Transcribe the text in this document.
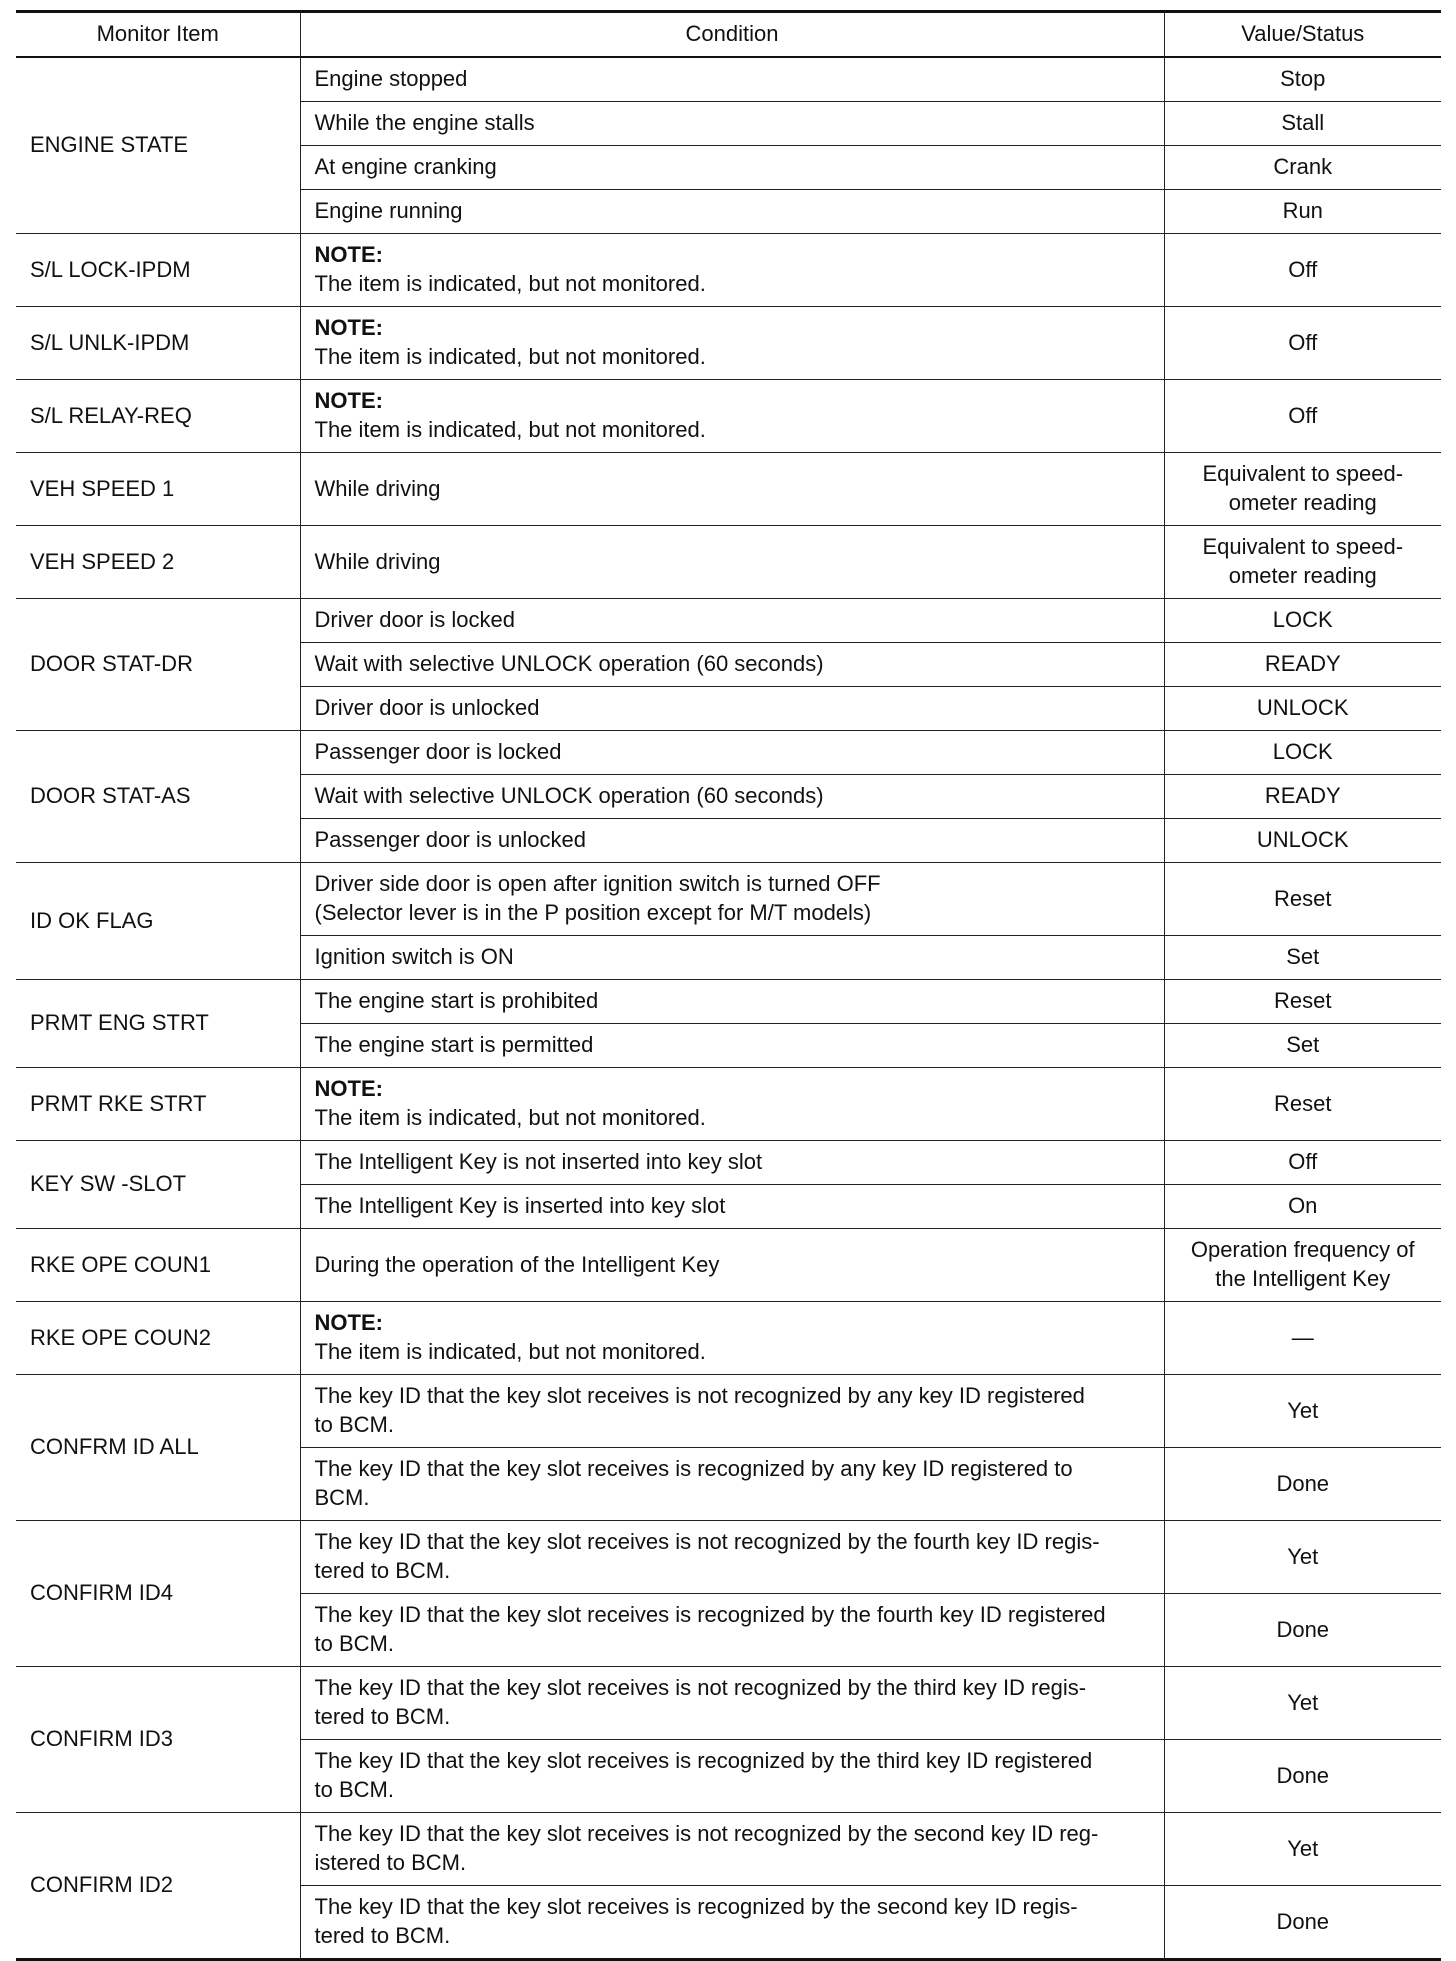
Monitor Item	Condition	Value/Status
ENGINE STATE	Engine stopped	Stop
	While the engine stalls	Stall
	At engine cranking	Crank
	Engine running	Run
S/L LOCK-IPDM	NOTE:
The item is indicated, but not monitored.	Off
S/L UNLK-IPDM	NOTE:
The item is indicated, but not monitored.	Off
S/L RELAY-REQ	NOTE:
The item is indicated, but not monitored.	Off
VEH SPEED 1	While driving	Equivalent to speed-
ometer reading

VEH SPEED 2	While driving	Equivalent to speed-
ometer reading

DOOR STAT-DR	Driver door is locked	LOCK
	Wait with selective UNLOCK operation (60 seconds)	READY
	Driver door is unlocked	UNLOCK
DOOR STAT-AS	Passenger door is locked	LOCK
	Wait with selective UNLOCK operation (60 seconds)	READY
	Passenger door is unlocked	UNLOCK
ID OK FLAG	Driver side door is open after ignition switch is turned OFF
(Selector lever is in the P position except for M/T models)	Reset
	Ignition switch is ON	Set
PRMT ENG STRT	The engine start is prohibited	Reset
	The engine start is permitted	Set
PRMT RKE STRT	NOTE:
The item is indicated, but not monitored.	Reset
KEY SW -SLOT	The Intelligent Key is not inserted into key slot	Off
	The Intelligent Key is inserted into key slot	On
RKE OPE COUN1	During the operation of the Intelligent Key	Operation frequency of
the Intelligent Key

RKE OPE COUN2	NOTE:
The item is indicated, but not monitored.	—
CONFRM ID ALL	The key ID that the key slot receives is not recognized by any key ID registered
to BCM.	Yet

	The key ID that the key slot receives is recognized by any key ID registered to
BCM.	Done
CONFIRM ID4	The key ID that the key slot receives is not recognized by the fourth key ID regis-
tered to BCM.	Yet

	The key ID that the key slot receives is recognized by the fourth key ID registered
to BCM.	Done
CONFIRM ID3	The key ID that the key slot receives is not recognized by the third key ID regis-
tered to BCM.	Yet

	The key ID that the key slot receives is recognized by the third key ID registered
to BCM.	Done
CONFIRM ID2	The key ID that the key slot receives is not recognized by the second key ID reg-
istered to BCM.	Yet

	The key ID that the key slot receives is recognized by the second key ID regis-
tered to BCM.	Done
